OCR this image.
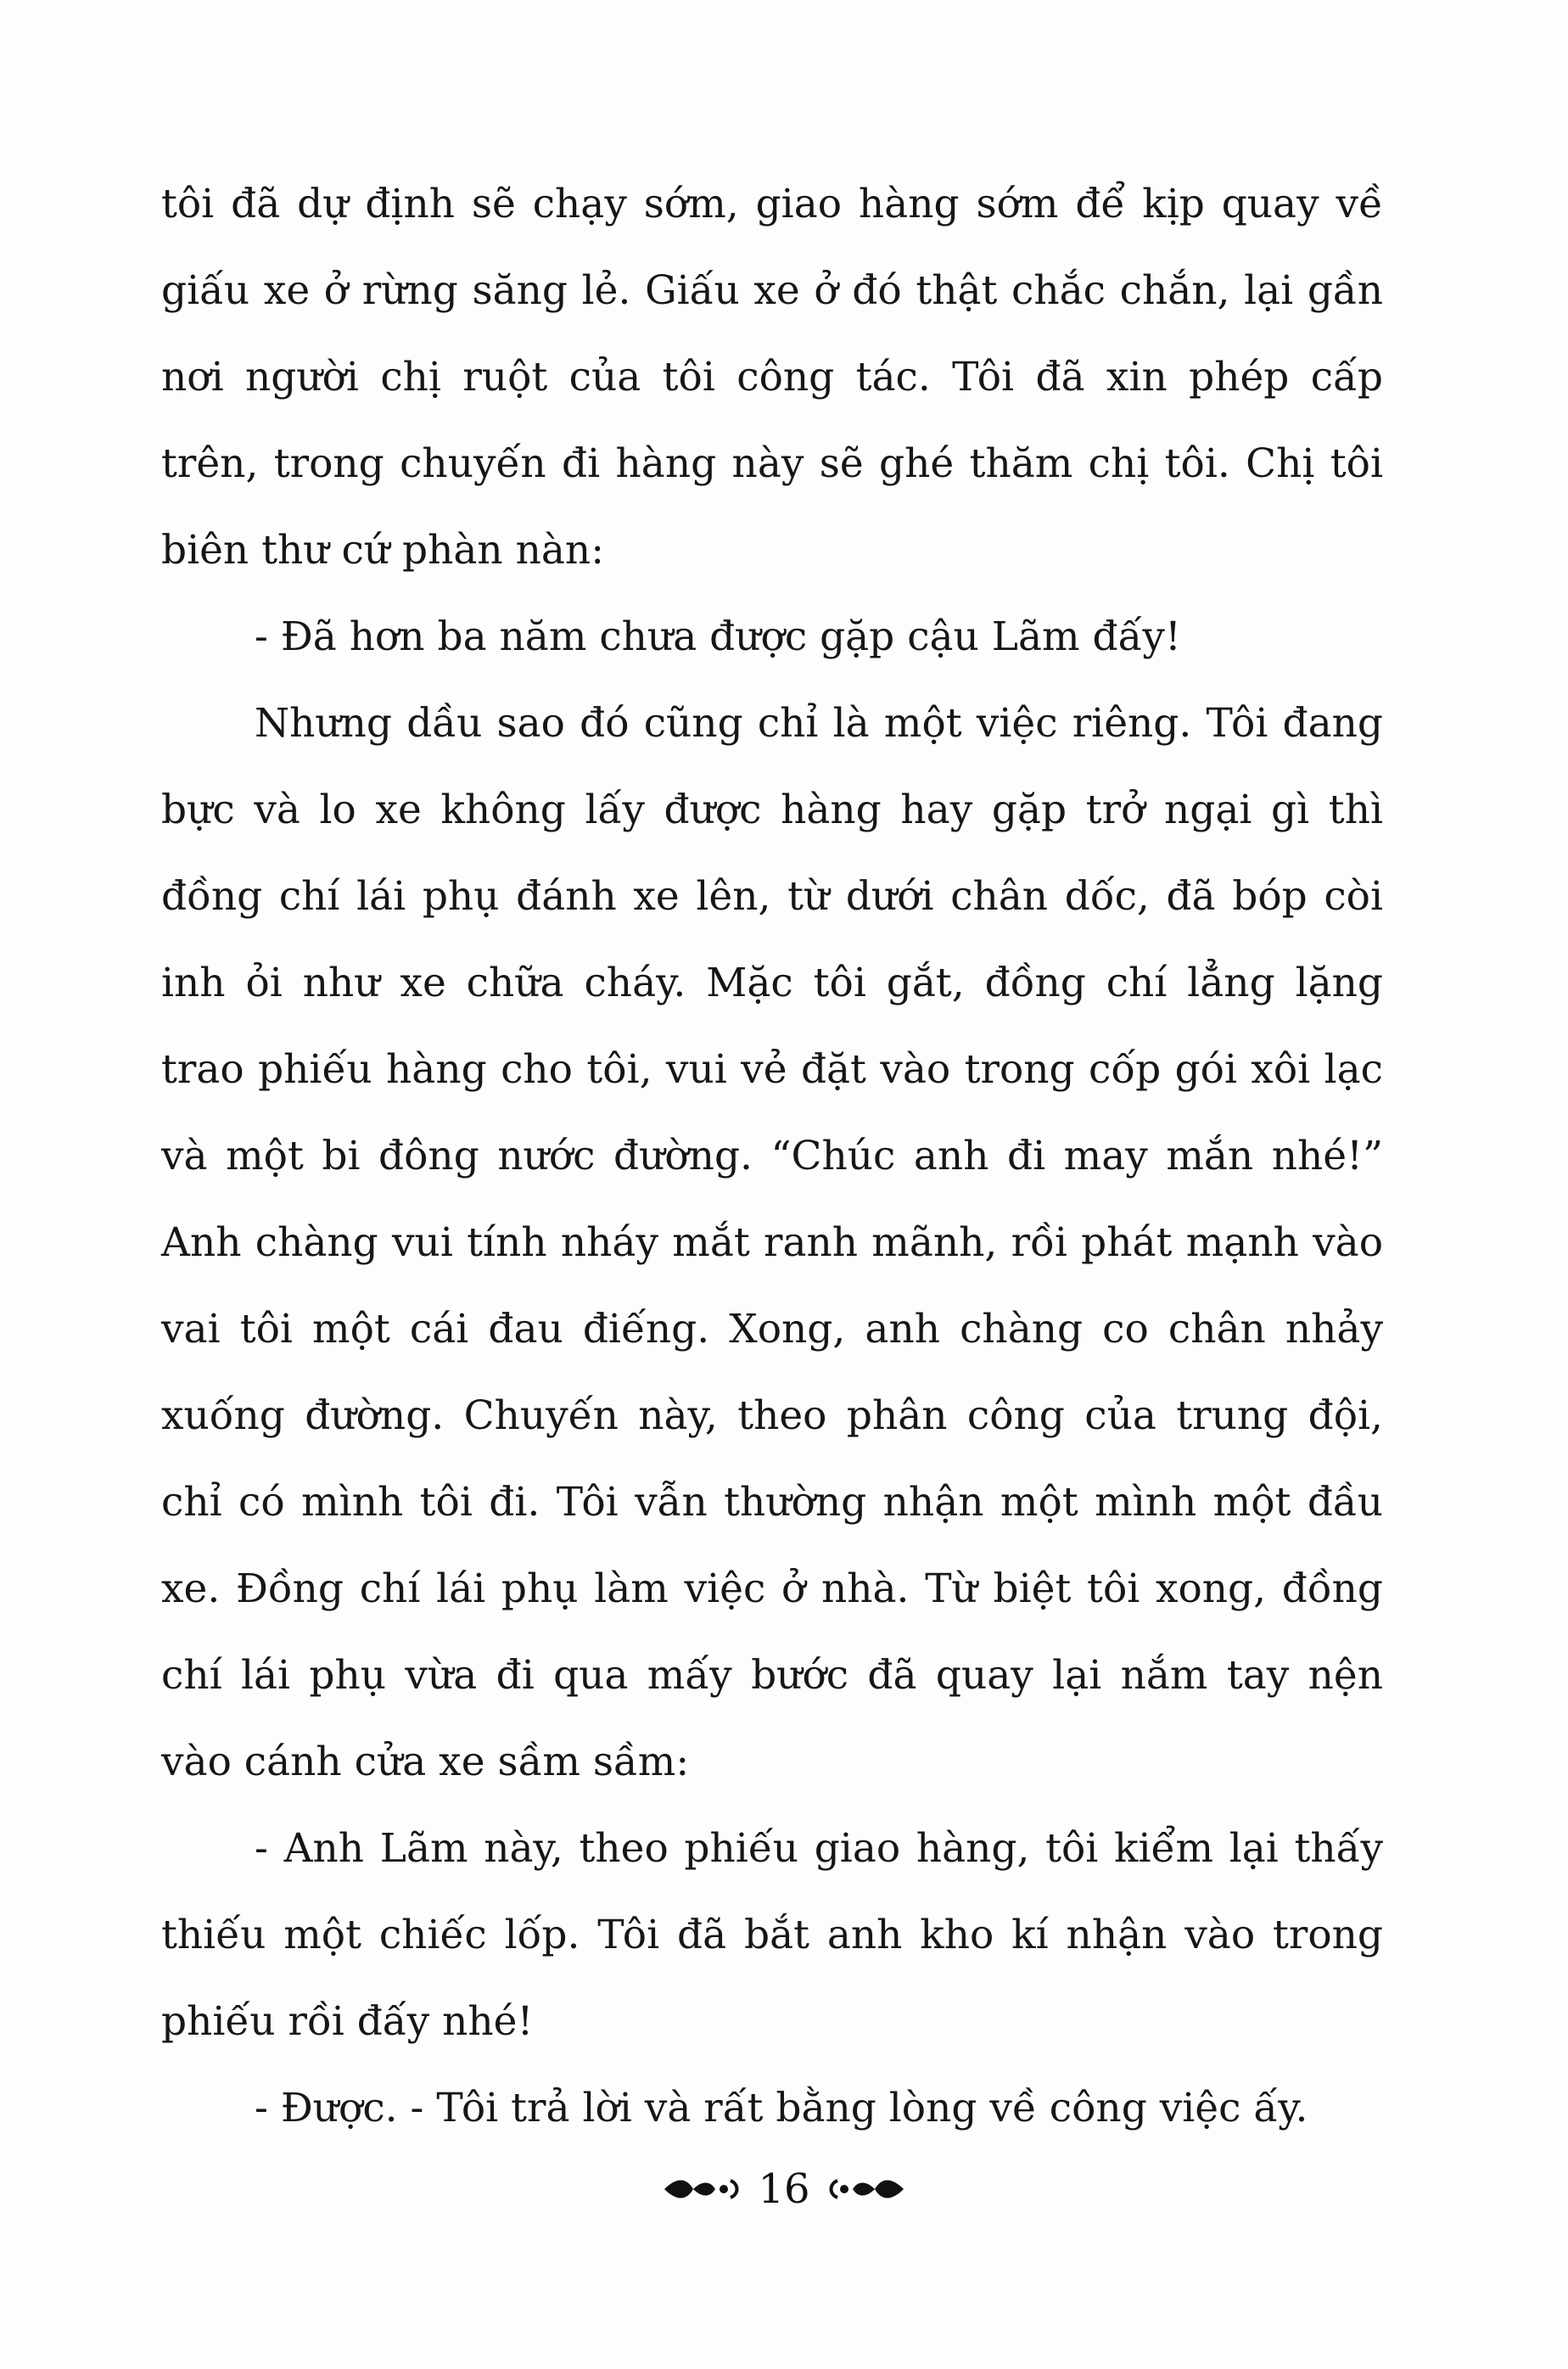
tôi đã dự định sẽ chạy sớm, giao hàng sớm để kịp quay về giấu xe ở rừng săng lẻ. Giấu xe ở đó thật chắc chắn, lại gần nơi người chị ruột của tôi công tác. Tôi đã xin phép cấp trên, trong chuyến đi hàng này sẽ ghé thăm chị tôi. Chị tôi biên thư cứ phàn nàn:

- Đã hơn ba năm chưa được gặp cậu Lãm đấy!

Nhưng dầu sao đó cũng chỉ là một việc riêng. Tôi đang bực và lo xe không lấy được hàng hay gặp trở ngại gì thì đồng chí lái phụ đánh xe lên, từ dưới chân dốc, đã bóp còi inh ỏi như xe chữa cháy. Mặc tôi gắt, đồng chí lẳng lặng trao phiếu hàng cho tôi, vui vẻ đặt vào trong cốp gói xôi lạc và một bi đông nước đường. “Chúc anh đi may mắn nhé!” Anh chàng vui tính nháy mắt ranh mãnh, rồi phát mạnh vào vai tôi một cái đau điếng. Xong, anh chàng co chân nhảy xuống đường. Chuyến này, theo phân công của trung đội, chỉ có mình tôi đi. Tôi vẫn thường nhận một mình một đầu xe. Đồng chí lái phụ làm việc ở nhà. Từ biệt tôi xong, đồng chí lái phụ vừa đi qua mấy bước đã quay lại nắm tay nện vào cánh cửa xe sầm sầm:

- Anh Lãm này, theo phiếu giao hàng, tôi kiểm lại thấy thiếu một chiếc lốp. Tôi đã bắt anh kho kí nhận vào trong phiếu rồi đấy nhé!

- Được. - Tôi trả lời và rất bằng lòng về công việc ấy.

16
